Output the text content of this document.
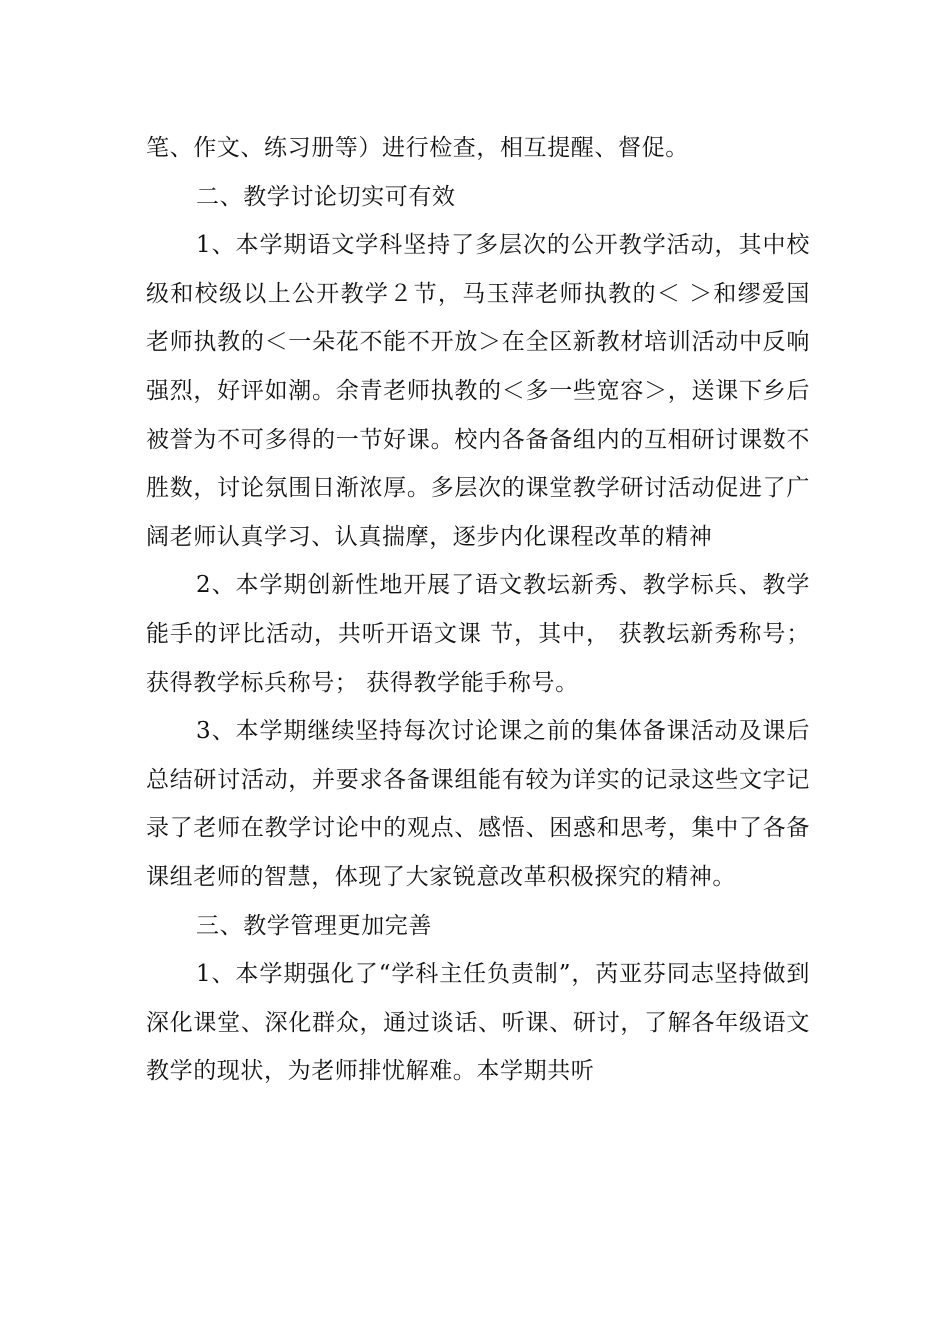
笔、作文、练习册等）进行检查，相互提醒、督促。

二、教学讨论切实可有效

1、本学期语文学科坚持了多层次的公开教学活动，其中校级和校级以上公开教学２节，马玉萍老师执教的＜ ＞和缪爱国老师执教的＜一朵花不能不开放＞在全区新教材培训活动中反响强烈，好评如潮。余青老师执教的＜多一些宽容＞，送课下乡后被誉为不可多得的一节好课。校内各备备组内的互相研讨课数不胜数，讨论氛围日渐浓厚。多层次的课堂教学研讨活动促进了广阔老师认真学习、认真揣摩，逐步内化课程改革的精神

2、本学期创新性地开展了语文教坛新秀、教学标兵、教学能手的评比活动，共听开语文课 节，其中， 获教坛新秀称号； 获得教学标兵称号； 获得教学能手称号。

3、本学期继续坚持每次讨论课之前的集体备课活动及课后总结研讨活动，并要求各备课组能有较为详实的记录这些文字记录了老师在教学讨论中的观点、感悟、困惑和思考，集中了各备课组老师的智慧，体现了大家锐意改革积极探究的精神。

三、教学管理更加完善

1、本学期强化了“学科主任负责制”，芮亚芬同志坚持做到深化课堂、深化群众，通过谈话、听课、研讨，了解各年级语文教学的现状，为老师排忧解难。本学期共听
